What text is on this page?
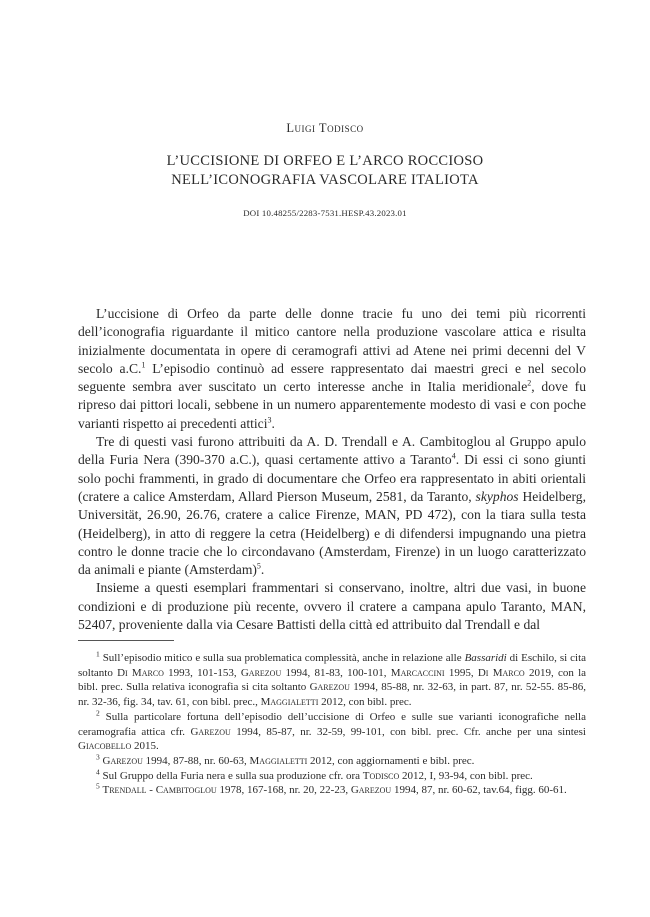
Luigi Todisco

L’UCCISIONE DI ORFEO E L’ARCO ROCCIOSO
NELL’ICONOGRAFIA VASCOLARE ITALIOTA

DOI 10.48255/2283-7531.HESP.43.2023.01

L’uccisione di Orfeo da parte delle donne tracie fu uno dei temi più ricorrenti dell’iconografia riguardante il mitico cantore nella produzione vascolare attica e risulta inizialmente documentata in opere di ceramografi attivi ad Atene nei primi decenni del V secolo a.C.$^1$ L’episodio continuò ad essere rappresentato dai maestri greci e nel secolo seguente sembra aver suscitato un certo interesse anche in Italia meridionale$^2$, dove fu ripreso dai pittori locali, sebbene in un numero apparentemente modesto di vasi e con poche varianti rispetto ai precedenti attici$^3$.

Tre di questi vasi furono attribuiti da A. D. Trendall e A. Cambitoglou al Gruppo apulo della Furia Nera (390-370 a.C.), quasi certamente attivo a Taranto$^4$. Di essi ci sono giunti solo pochi frammenti, in grado di documentare che Orfeo era rappresentato in abiti orientali (cratere a calice Amsterdam, Allard Pierson Museum, 2581, da Taranto, skyphos Heidelberg, Universität, 26.90, 26.76, cratere a calice Firenze, MAN, PD 472), con la tiara sulla testa (Heidelberg), in atto di reggere la cetra (Heidelberg) e di difendersi impugnando una pietra contro le donne tracie che lo circondavano (Amsterdam, Firenze) in un luogo caratterizzato da animali e piante (Amsterdam)$^5$.

Insieme a questi esemplari frammentari si conservano, inoltre, altri due vasi, in buone condizioni e di produzione più recente, ovvero il cratere a campana apulo Taranto, MAN, 52407, proveniente dalla via Cesare Battisti della città ed attribuito dal Trendall e dal

$^1$ Sull’episodio mitico e sulla sua problematica complessità, anche in relazione alle Bassaridi di Eschilo, si cita soltanto Di Marco 1993, 101-153, Garezou 1994, 81-83, 100-101, Marcaccini 1995, Di Marco 2019, con la bibl. prec. Sulla relativa iconografia si cita soltanto Garezou 1994, 85-88, nr. 32-63, in part. 87, nr. 52-55. 85-86, nr. 32-36, fig. 34, tav. 61, con bibl. prec., Maggialetti 2012, con bibl. prec.

$^2$ Sulla particolare fortuna dell’episodio dell’uccisione di Orfeo e sulle sue varianti iconografiche nella ceramografia attica cfr. Garezou 1994, 85-87, nr. 32-59, 99-101, con bibl. prec. Cfr. anche per una sintesi Giacobello 2015.

$^3$ Garezou 1994, 87-88, nr. 60-63, Maggialetti 2012, con aggiornamenti e bibl. prec.

$^4$ Sul Gruppo della Furia nera e sulla sua produzione cfr. ora Todisco 2012, I, 93-94, con bibl. prec.

$^5$ Trendall - Cambitoglou 1978, 167-168, nr. 20, 22-23, Garezou 1994, 87, nr. 60-62, tav.64, figg. 60-61.
